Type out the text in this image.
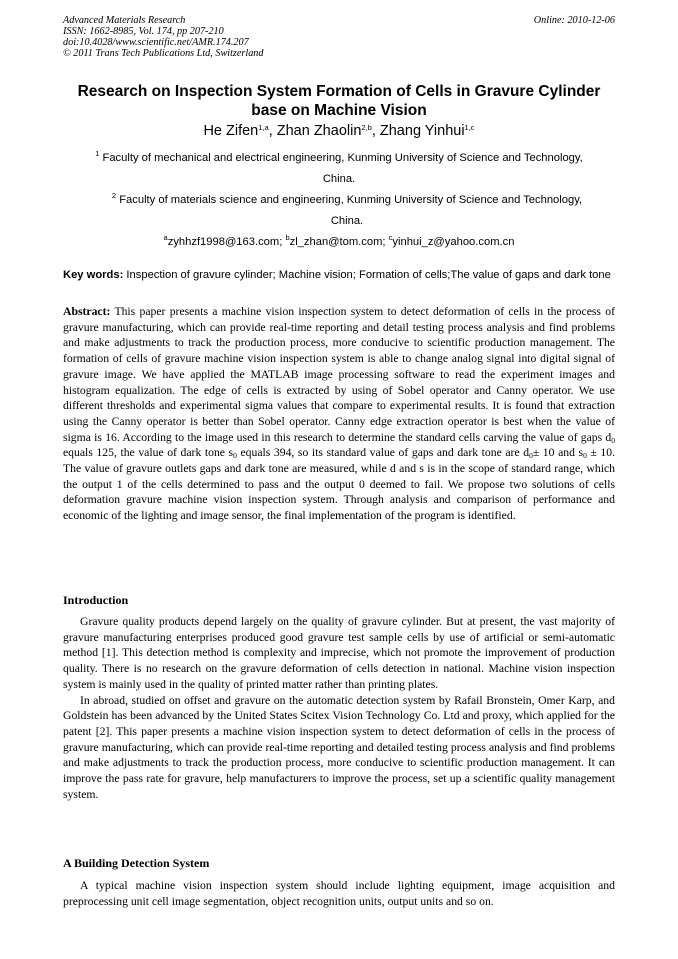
Advanced Materials Research
ISSN: 1662-8985, Vol. 174, pp 207-210
doi:10.4028/www.scientific.net/AMR.174.207
© 2011 Trans Tech Publications Ltd, Switzerland
Online: 2010-12-06
Research on Inspection System Formation of Cells in Gravure Cylinder
base on Machine Vision
He Zifen$^{1,a}$, Zhan Zhaolin$^{2,b}$, Zhang Yinhui$^{1,c}$
$^1$ Faculty of mechanical and electrical engineering, Kunming University of Science and Technology,
China.
$^2$ Faculty of materials science and engineering, Kunming University of Science and Technology,
China.
$^a$zyhhzf1998@163.com; $^b$zl_zhan@tom.com; $^c$yinhui_z@yahoo.com.cn
Key words: Inspection of gravure cylinder; Machine vision; Formation of cells;The value of gaps and dark tone
Abstract: This paper presents a machine vision inspection system to detect deformation of cells in the process of gravure manufacturing, which can provide real-time reporting and detail testing process analysis and find problems and make adjustments to track the production process, more conducive to scientific production management. The formation of cells of gravure machine vision inspection system is able to change analog signal into digital signal of gravure image. We have applied the MATLAB image processing software to read the experiment images and histogram equalization. The edge of cells is extracted by using of Sobel operator and Canny operator. We use different thresholds and experimental sigma values that compare to experimental results. It is found that extraction using the Canny operator is better than Sobel operator. Canny edge extraction operator is best when the value of sigma is 16. According to the image used in this research to determine the standard cells carving the value of gaps $d_0$ equals 125, the value of dark tone $s_0$ equals 394, so its standard value of gaps and dark tone are $d_0\pm 10$ and $s_0 \pm 10$. The value of gravure outlets gaps and dark tone are measured, while d and s is in the scope of standard range, which the output 1 of the cells determined to pass and the output 0 deemed to fail. We propose two solutions of cells deformation gravure machine vision inspection system. Through analysis and comparison of performance and economic of the lighting and image sensor, the final implementation of the program is identified.
Introduction

Gravure quality products depend largely on the quality of gravure cylinder. But at present, the vast majority of gravure manufacturing enterprises produced good gravure test sample cells by use of artificial or semi-automatic method [1]. This detection method is complexity and imprecise, which not promote the improvement of production quality. There is no research on the gravure deformation of cells detection in national. Machine vision inspection system is mainly used in the quality of printed matter rather than printing plates.

In abroad, studied on offset and gravure on the automatic detection system by Rafail Bronstein, Omer Karp, and Goldstein has been advanced by the United States Scitex Vision Technology Co. Ltd and proxy, which applied for the patent [2]. This paper presents a machine vision inspection system to detect deformation of cells in the process of gravure manufacturing, which can provide real-time reporting and detailed testing process analysis and find problems and make adjustments to track the production process, more conducive to scientific production management. It can improve the pass rate for gravure, help manufacturers to improve the process, set up a scientific quality management system.

A Building Detection System

A typical machine vision inspection system should include lighting equipment, image acquisition and preprocessing unit cell image segmentation, object recognition units, output units and so on.
